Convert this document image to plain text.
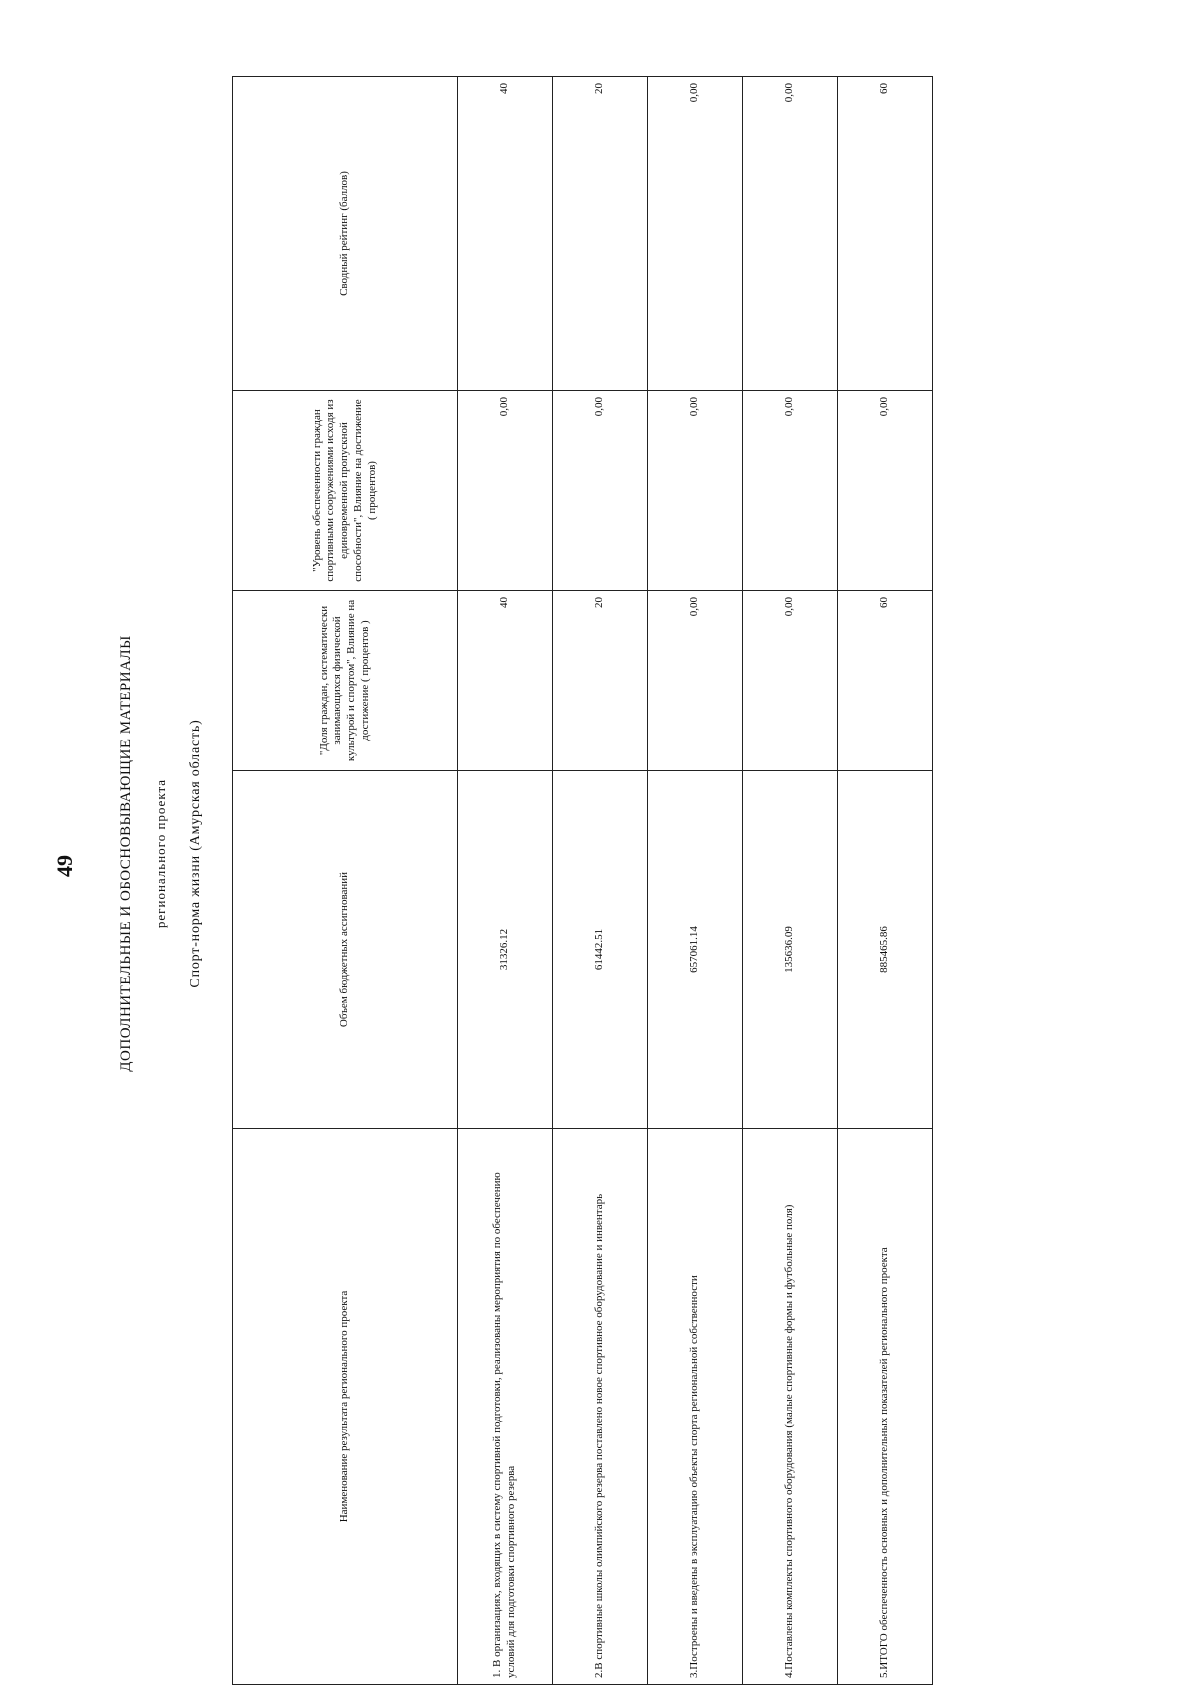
49	ДОПОЛНИТЕЛЬНЫЕ И ОБОСНОВЫВАЮЩИЕ МАТЕРИАЛЫ регионального проекта Спорт-норма жизни (Амурская область)
Наименование результата регионального проекта	Объем бюджетных ассигнований	"Доля граждан, систематически занимающихся физической культурой и спортом", Влияние на достижение ( процентов )	"Уровень обеспеченности граждан спортивными сооружениями исходя из единовременной пропускной способности", Влияние на достижение ( процентов)	Сводный рейтинг (баллов)
1. В организациях, входящих в систему спортивной подготовки, реализованы мероприятия по обеспечению условий для подготовки спортивного резерва	31326.12	40	0,00	40
2.В спортивные школы олимпийского резерва поставлено новое спортивное оборудование и инвентарь	61442.51	20	0,00	20
3.Построены и введены в эксплуатацию объекты спорта региональной собственности	657061.14	0,00	0,00	0,00
4.Поставлены комплекты спортивного оборудования (малые спортивные формы и футбольные поля)	135636.09	0,00	0,00	0,00
5.ИТОГО обеспеченность основных и дополнительных показателей регионального проекта	885465.86	60	0,00	60
